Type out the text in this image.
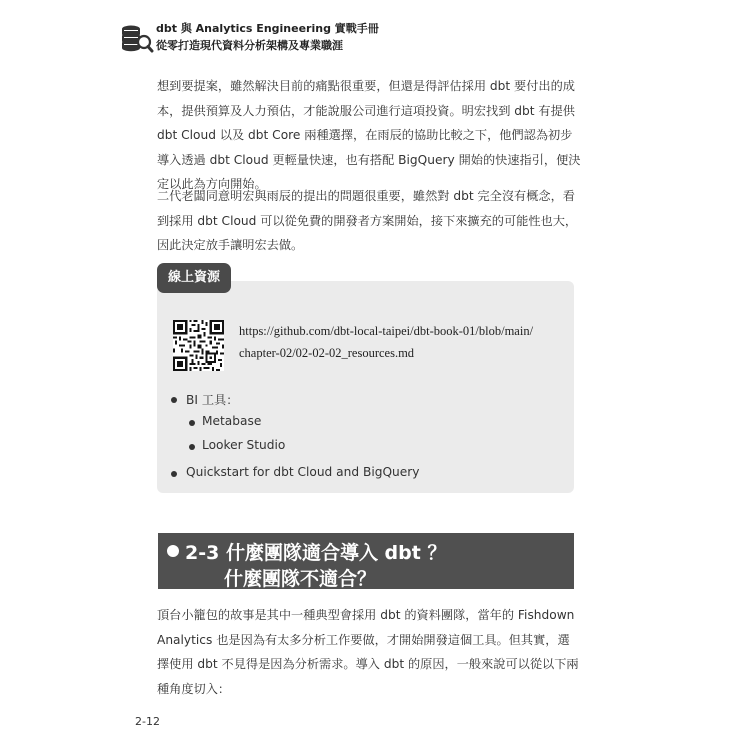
dbt 與 Analytics Engineering 實戰手冊
從零打造現代資料分析架構及專業職涯

想到要提案，雖然解決目前的痛點很重要，但還是得評估採用 dbt 要付出的成本，提供預算及人力預估，才能說服公司進行這項投資。明宏找到 dbt 有提供 dbt Cloud 以及 dbt Core 兩種選擇，在雨辰的協助比較之下，他們認為初步導入透過 dbt Cloud 更輕量快速，也有搭配 BigQuery 開始的快速指引，便決定以此為方向開始。

二代老闆同意明宏與雨辰的提出的問題很重要，雖然對 dbt 完全沒有概念，看到採用 dbt Cloud 可以從免費的開發者方案開始，接下來擴充的可能性也大，因此決定放手讓明宏去做。

線上資源
https://github.com/dbt-local-taipei/dbt-book-01/blob/main/
chapter-02/02-02-02_resources.md
BI 工具：
Metabase
Looker Studio
Quickstart for dbt Cloud and BigQuery
2-3 什麼團隊適合導入 dbt ？
什麼團隊不適合？

頂台小籠包的故事是其中一種典型會採用 dbt 的資料團隊，當年的 Fishdown Analytics 也是因為有太多分析工作要做，才開始開發這個工具。但其實，選擇使用 dbt 不見得是因為分析需求。導入 dbt 的原因，一般來說可以從以下兩種角度切入：

2-12
